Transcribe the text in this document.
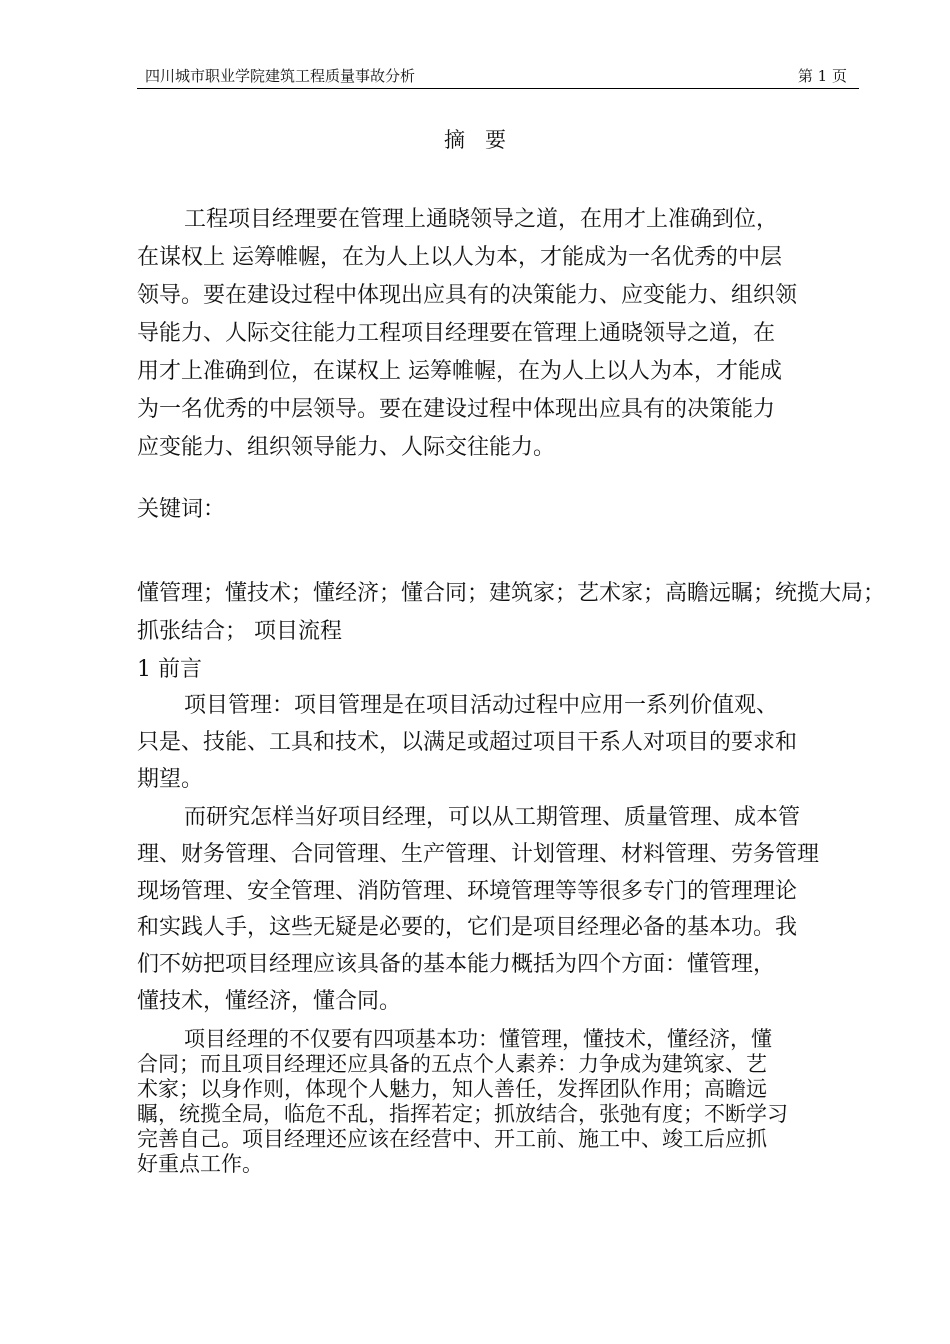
四川城市职业学院建筑工程质量事故分析	第 1 页
摘要
工程项目经理要在管理上通晓领导之道，在用才上准确到位，
在谋权上 运筹帷幄，在为人上以人为本，才能成为一名优秀的中层
领导。要在建设过程中体现出应具有的决策能力、应变能力、组织领
导能力、人际交往能力工程项目经理要在管理上通晓领导之道，在
用才上准确到位，在谋权上 运筹帷幄，在为人上以人为本，才能成
为一名优秀的中层领导。要在建设过程中体现出应具有的决策能力
应变能力、组织领导能力、人际交往能力。
关键词：
懂管理；懂技术；懂经济；懂合同；建筑家；艺术家；高瞻远瞩；统揽大局；
抓张结合； 项目流程
1 前言
项目管理：项目管理是在项目活动过程中应用一系列价值观、
只是、技能、工具和技术，以满足或超过项目干系人对项目的要求和
期望。
而研究怎样当好项目经理，可以从工期管理、质量管理、成本管
理、财务管理、合同管理、生产管理、计划管理、材料管理、劳务管理
现场管理、安全管理、消防管理、环境管理等等很多专门的管理理论
和实践人手，这些无疑是必要的，它们是项目经理必备的基本功。我
们不妨把项目经理应该具备的基本能力概括为四个方面：懂管理，
懂技术，懂经济，懂合同。
项目经理的不仅要有四项基本功：懂管理，懂技术，懂经济，懂
合同；而且项目经理还应具备的五点个人素养：力争成为建筑家、艺
术家；以身作则，体现个人魅力，知人善任，发挥团队作用；高瞻远
瞩，统揽全局，临危不乱，指挥若定；抓放结合，张弛有度；不断学习
完善自己。项目经理还应该在经营中、开工前、施工中、竣工后应抓
好重点工作。
